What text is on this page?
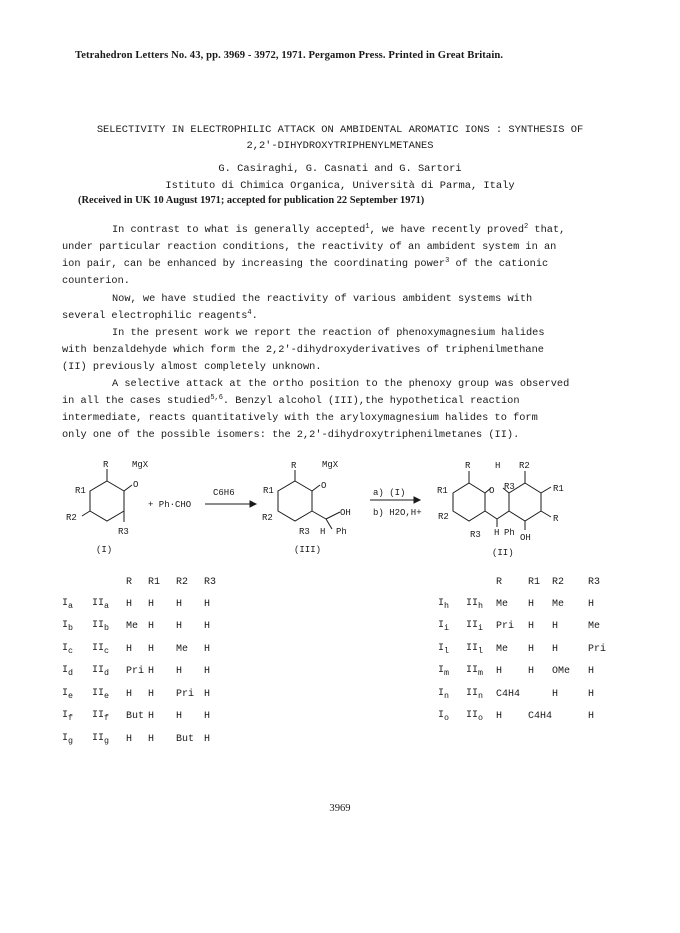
Tetrahedron Letters No. 43, pp. 3969 - 3972, 1971. Pergamon Press. Printed in Great Britain.
SELECTIVITY IN ELECTROPHILIC ATTACK ON AMBIDENTAL AROMATIC IONS : SYNTHESIS OF
2,2'-DIHYDROXYTRIPHENYLMETANES
G. Casiraghi, G. Casnati and G. Sartori
Istituto di Chimica Organica, Università di Parma, Italy
(Received in UK 10 August 1971; accepted for publication 22 September 1971)
In contrast to what is generally accepted$^1$, we have recently proved$^2$ that,
under particular reaction conditions, the reactivity of an ambident system in an
ion pair, can be enhanced by increasing the coordinating power$^3$ of the cationic
counterion.
Now, we have studied the reactivity of various ambident systems with
several electrophilic reagents$^4$.
In the present work we report the reaction of phenoxymagnesium halides
with benzaldehyde which form the 2,2'-dihydroxyderivatives of triphenilmethane
(II) previously almost completely unknown.
A selective attack at the ortho position to the phenoxy group was observed
in all the cases studied$^{5,6}$. Benzyl alcohol (III),the hypothetical reaction
intermediate, reacts quantitatively with the aryloxymagnesium halides to form
only one of the possible isomers: the 2,2'-dihydroxytriphenilmetanes (II).
R	MgX
O
R1
R2
R3
(I)
+ Ph·CHO
C6H6
R	MgX
O
R1
R2	OH
R3 H Ph
(III)
a) (I)
b) H2O,H+
R	H R2
R1	O R3	R1
R2	R
R3 H Ph OH
(II)
		R	R1	R2	R3
$I_a$	$II_a$	H	H	H	H
$I_b$	$II_b$	Me	H	H	H
$I_c$	$II_c$	H	H	Me	H
$I_d$	$II_d$	Pri	H	H	H
$I_e$	$II_e$	H	H	Pri	H
$I_f$	$II_f$	But	H	H	H
$I_g$	$II_g$	H	H	But	H
		R	R1	R2	R3
$I_h$	$II_h$	Me	H	Me	H
$I_i$	$II_i$	Pri	H	H	Me
$I_l$	$II_l$	Me	H	H	Pri
$I_m$	$II_m$	H	H	OMe	H
$I_n$	$II_n$	C4H4		H	H
$I_o$	$II_o$	H	C4H4		H
3969
